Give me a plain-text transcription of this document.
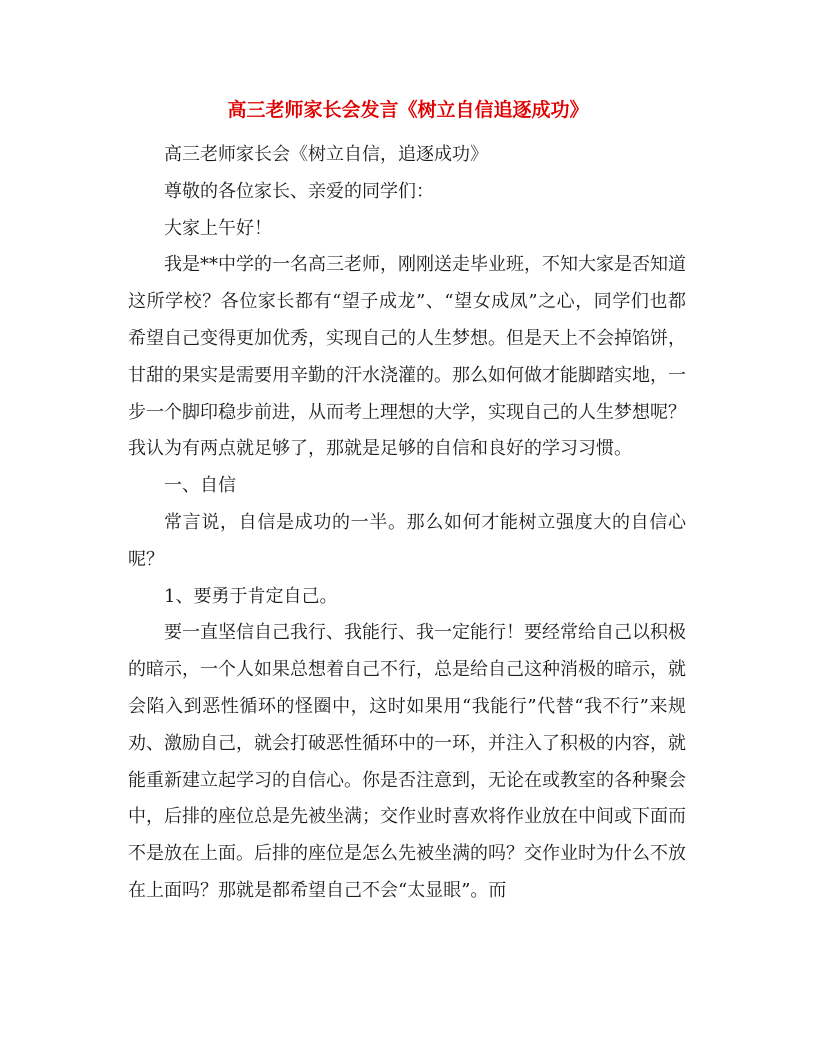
高三老师家长会发言《树立自信追逐成功》

高三老师家长会《树立自信，追逐成功》

尊敬的各位家长、亲爱的同学们：

大家上午好！

我是**中学的一名高三老师，刚刚送走毕业班，不知大家是否知道这所学校？各位家长都有“望子成龙”、“望女成凤”之心，同学们也都希望自己变得更加优秀，实现自己的人生梦想。但是天上不会掉馅饼，甘甜的果实是需要用辛勤的汗水浇灌的。那么如何做才能脚踏实地，一步一个脚印稳步前进，从而考上理想的大学，实现自己的人生梦想呢？我认为有两点就足够了，那就是足够的自信和良好的学习习惯。

一、自信

常言说，自信是成功的一半。那么如何才能树立强度大的自信心呢？

1、要勇于肯定自己。

要一直坚信自己我行、我能行、我一定能行！要经常给自己以积极的暗示，一个人如果总想着自己不行，总是给自己这种消极的暗示，就会陷入到恶性循环的怪圈中，这时如果用“我能行”代替“我不行”来规劝、激励自己，就会打破恶性循环中的一环，并注入了积极的内容，就能重新建立起学习的自信心。你是否注意到，无论在或教室的各种聚会中，后排的座位总是先被坐满；交作业时喜欢将作业放在中间或下面而不是放在上面。后排的座位是怎么先被坐满的吗？交作业时为什么不放在上面吗？那就是都希望自己不会“太显眼”。而
